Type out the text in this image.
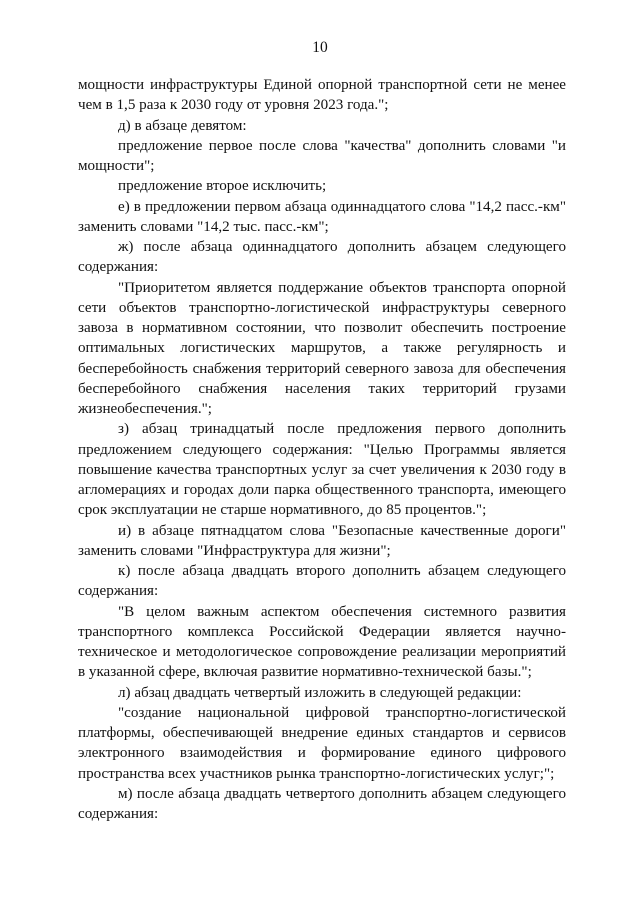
10

мощности инфраструктуры Единой опорной транспортной сети не менее чем в 1,5 раза к 2030 году от уровня 2023 года.";

д) в абзаце девятом:

предложение первое после слова "качества" дополнить словами "и мощности";

предложение второе исключить;

е) в предложении первом абзаца одиннадцатого слова "14,2 пасс.-км" заменить словами "14,2 тыс. пасс.-км";

ж) после абзаца одиннадцатого дополнить абзацем следующего содержания:

"Приоритетом является поддержание объектов транспорта опорной сети объектов транспортно-логистической инфраструктуры северного завоза в нормативном состоянии, что позволит обеспечить построение оптимальных логистических маршрутов, а также регулярность и бесперебойность снабжения территорий северного завоза для обеспечения бесперебойного снабжения населения таких территорий грузами жизнеобеспечения.";

з) абзац тринадцатый после предложения первого дополнить предложением следующего содержания: "Целью Программы является повышение качества транспортных услуг за счет увеличения к 2030 году в агломерациях и городах доли парка общественного транспорта, имеющего срок эксплуатации не старше нормативного, до 85 процентов.";

и) в абзаце пятнадцатом слова "Безопасные качественные дороги" заменить словами "Инфраструктура для жизни";

к) после абзаца двадцать второго дополнить абзацем следующего содержания:

"В целом важным аспектом обеспечения системного развития транспортного комплекса Российской Федерации является научно-техническое и методологическое сопровождение реализации мероприятий в указанной сфере, включая развитие нормативно-технической базы.";

л) абзац двадцать четвертый изложить в следующей редакции:

"создание национальной цифровой транспортно-логистической платформы, обеспечивающей внедрение единых стандартов и сервисов электронного взаимодействия и формирование единого цифрового пространства всех участников рынка транспортно-логистических услуг;";

м) после абзаца двадцать четвертого дополнить абзацем следующего содержания:
